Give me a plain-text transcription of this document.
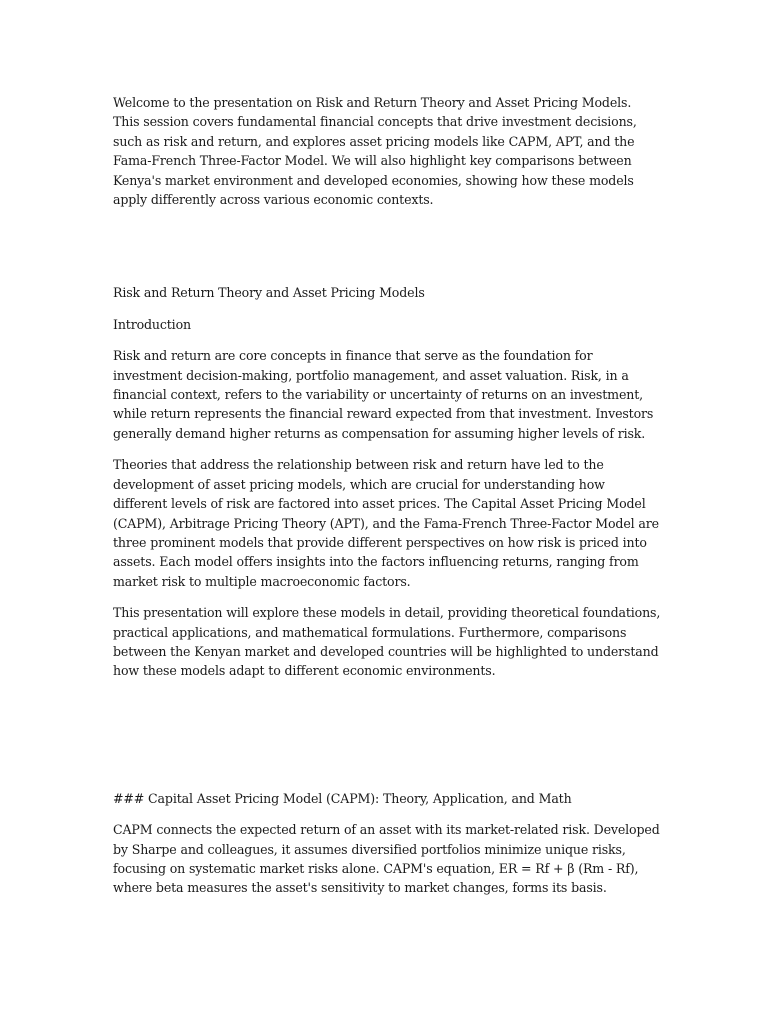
Welcome to the presentation on Risk and Return Theory and Asset Pricing Models. This session covers fundamental financial concepts that drive investment decisions, such as risk and return, and explores asset pricing models like CAPM, APT, and the Fama-French Three-Factor Model. We will also highlight key comparisons between Kenya's market environment and developed economies, showing how these models apply differently across various economic contexts.

Risk and Return Theory and Asset Pricing Models

Introduction

Risk and return are core concepts in finance that serve as the foundation for investment decision-making, portfolio management, and asset valuation. Risk, in a financial context, refers to the variability or uncertainty of returns on an investment, while return represents the financial reward expected from that investment. Investors generally demand higher returns as compensation for assuming higher levels of risk.

Theories that address the relationship between risk and return have led to the development of asset pricing models, which are crucial for understanding how different levels of risk are factored into asset prices. The Capital Asset Pricing Model (CAPM), Arbitrage Pricing Theory (APT), and the Fama-French Three-Factor Model are three prominent models that provide different perspectives on how risk is priced into assets. Each model offers insights into the factors influencing returns, ranging from market risk to multiple macroeconomic factors.

This presentation will explore these models in detail, providing theoretical foundations, practical applications, and mathematical formulations. Furthermore, comparisons between the Kenyan market and developed countries will be highlighted to understand how these models adapt to different economic environments.

### Capital Asset Pricing Model (CAPM): Theory, Application, and Math

CAPM connects the expected return of an asset with its market-related risk. Developed by Sharpe and colleagues, it assumes diversified portfolios minimize unique risks, focusing on systematic market risks alone. CAPM's equation, ER = Rf + β (Rm - Rf), where beta measures the asset's sensitivity to market changes, forms its basis.
